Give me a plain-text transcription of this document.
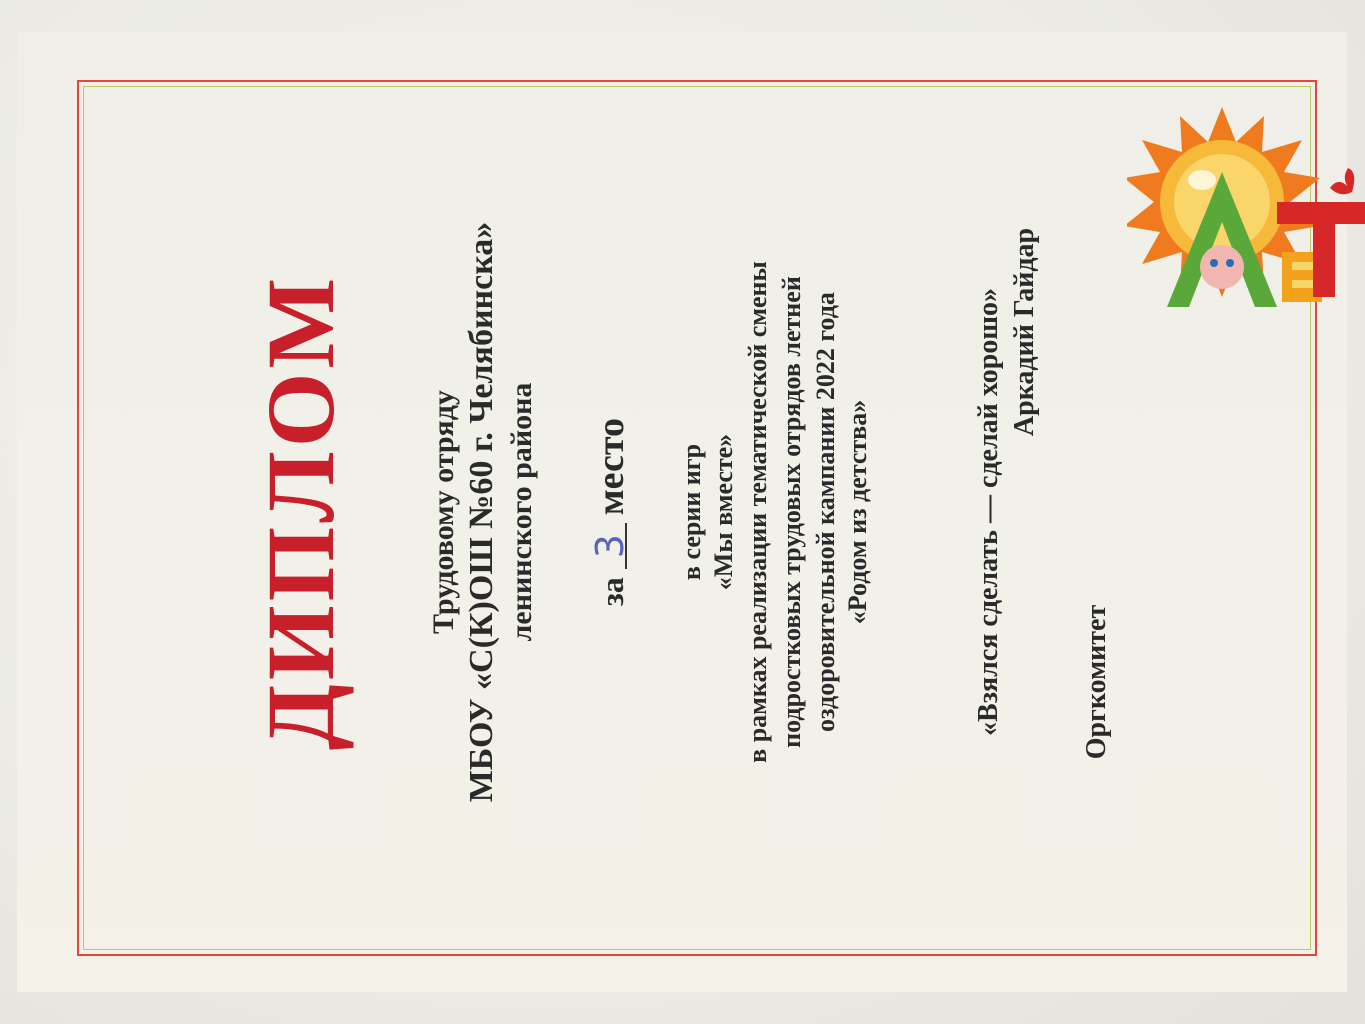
ДИПЛОМ Трудовому отряду МБОУ «С(К)ОШ №60 г. Челябинска» ленинского района за 3 место в серии игр «Мы вместе» в рамках реализации тематической смены подростковых трудовых отрядов летней оздоровительной кампании 2022 года «Родом из детства»	«Взялся сделать — сделай хорошо» Аркадий Гайдар
Оргкомитет
